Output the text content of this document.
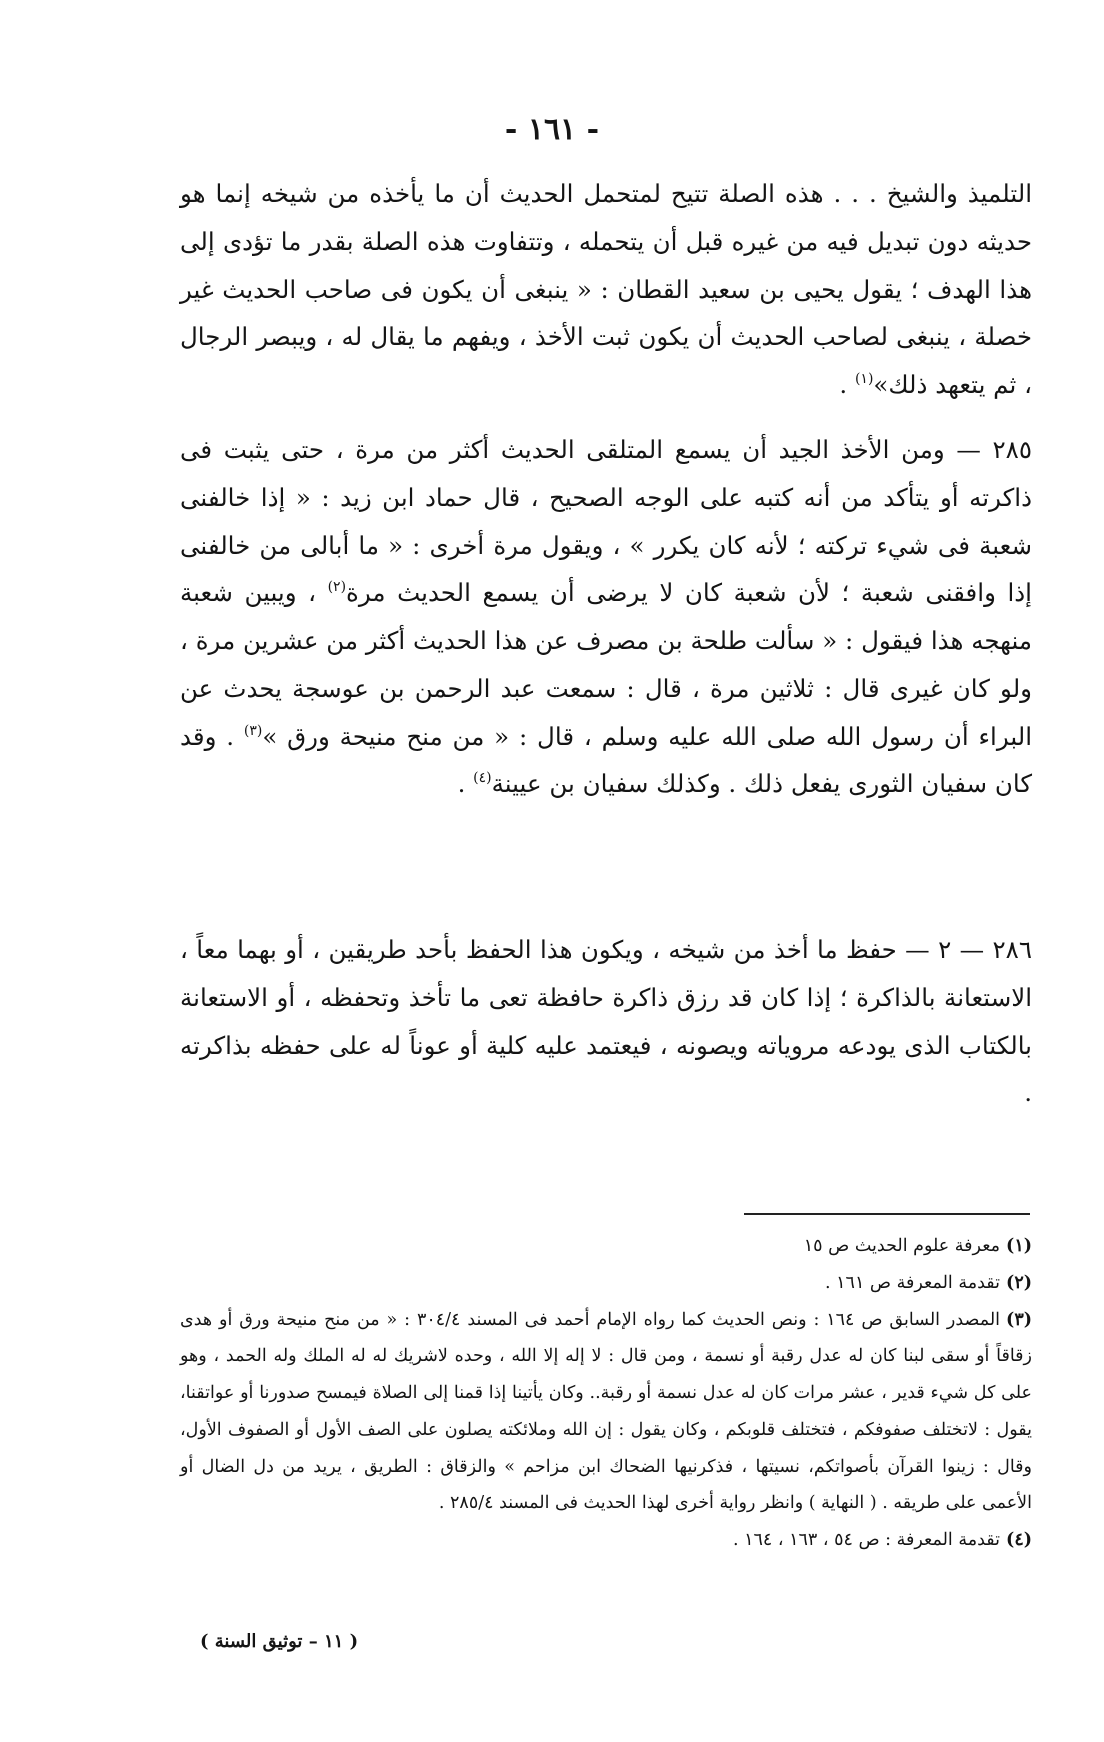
- ١٦١ -

التلميذ والشيخ . . . هذه الصلة تتيح لمتحمل الحديث أن ما يأخذه من شيخه إنما هو حديثه دون تبديل فيه من غيره قبل أن يتحمله ، وتتفاوت هذه الصلة بقدر ما تؤدى إلى هذا الهدف ؛ يقول يحيى بن سعيد القطان : « ينبغى أن يكون فى صاحب الحديث غير خصلة ، ينبغى لصاحب الحديث أن يكون ثبت الأخذ ، ويفهم ما يقال له ، ويبصر الرجال ، ثم يتعهد ذلك»$^{(١)}$ .

٢٨٥ — ومن الأخذ الجيد أن يسمع المتلقى الحديث أكثر من مرة ، حتى يثبت فى ذاكرته أو يتأكد من أنه كتبه على الوجه الصحيح ، قال حماد ابن زيد : « إذا خالفنى شعبة فى شيء تركته ؛ لأنه كان يكرر » ، ويقول مرة أخرى : « ما أبالى من خالفنى إذا وافقنى شعبة ؛ لأن شعبة كان لا يرضى أن يسمع الحديث مرة$^{(٢)}$ ، ويبين شعبة منهجه هذا فيقول : « سألت طلحة بن مصرف عن هذا الحديث أكثر من عشرين مرة ، ولو كان غيرى قال : ثلاثين مرة ، قال : سمعت عبد الرحمن بن عوسجة يحدث عن البراء أن رسول الله صلى الله عليه وسلم ، قال : « من منح منيحة ورق »$^{(٣)}$ . وقد كان سفيان الثورى يفعل ذلك . وكذلك سفيان بن عيينة$^{(٤)}$ .

٢٨٦ — ٢ — حفظ ما أخذ من شيخه ، ويكون هذا الحفظ بأحد طريقين ، أو بهما معاً ، الاستعانة بالذاكرة ؛ إذا كان قد رزق ذاكرة حافظة تعى ما تأخذ وتحفظه ، أو الاستعانة بالكتاب الذى يودعه مروياته ويصونه ، فيعتمد عليه كلية أو عوناً له على حفظه بذاكرته .

(١)معرفة علوم الحديث ص ١٥

(٢)تقدمة المعرفة ص ١٦١ .

(٣)المصدر السابق ص ١٦٤ : ونص الحديث كما رواه الإمام أحمد فى المسند ٣٠٤/٤ : « من منح منيحة ورق أو هدى زقاقاً أو سقى لبنا كان له عدل رقبة أو نسمة ، ومن قال : لا إله إلا الله ، وحده لاشريك له له الملك وله الحمد ، وهو على كل شيء قدير ، عشر مرات كان له عدل نسمة أو رقبة.. وكان يأتينا إذا قمنا إلى الصلاة فيمسح صدورنا أو عواتقنا، يقول : لاتختلف صفوفكم ، فتختلف قلوبكم ، وكان يقول : إن الله وملائكته يصلون على الصف الأول أو الصفوف الأول، وقال : زينوا القرآن بأصواتكم، نسيتها ، فذكرنيها الضحاك ابن مزاحم » والزقاق : الطريق ، يريد من دل الضال أو الأعمى على طريقه . ( النهاية ) وانظر رواية أخرى لهذا الحديث فى المسند ٢٨٥/٤ .

(٤)تقدمة المعرفة : ص ٥٤ ، ١٦٣ ، ١٦٤ .

( ١١ – توثيق السنة )
